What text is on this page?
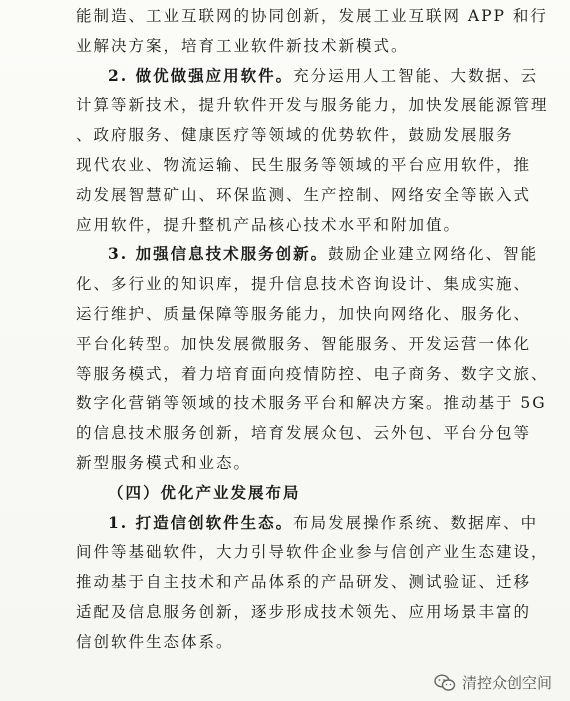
能制造、工业互联网的协同创新，发展工业互联网 APP 和行
业解决方案，培育工业软件新技术新模式。
2. 做优做强应用软件。充分运用人工智能、大数据、云
计算等新技术，提升软件开发与服务能力，加快发展能源管理
、政府服务、健康医疗等领域的优势软件，鼓励发展服务
现代农业、物流运输、民生服务等领域的平台应用软件，推
动发展智慧矿山、环保监测、生产控制、网络安全等嵌入式
应用软件，提升整机产品核心技术水平和附加值。
3. 加强信息技术服务创新。鼓励企业建立网络化、智能
化、多行业的知识库，提升信息技术咨询设计、集成实施、
运行维护、质量保障等服务能力，加快向网络化、服务化、
平台化转型。加快发展微服务、智能服务、开发运营一体化
等服务模式，着力培育面向疫情防控、电子商务、数字文旅、
数字化营销等领域的技术服务平台和解决方案。推动基于 5G
的信息技术服务创新，培育发展众包、云外包、平台分包等
新型服务模式和业态。
（四）优化产业发展布局
1. 打造信创软件生态。布局发展操作系统、数据库、中
间件等基础软件，大力引导软件企业参与信创产业生态建设，
推动基于自主技术和产品体系的产品研发、测试验证、迁移
适配及信息服务创新，逐步形成技术领先、应用场景丰富的
信创软件生态体系。
清控众创空间
